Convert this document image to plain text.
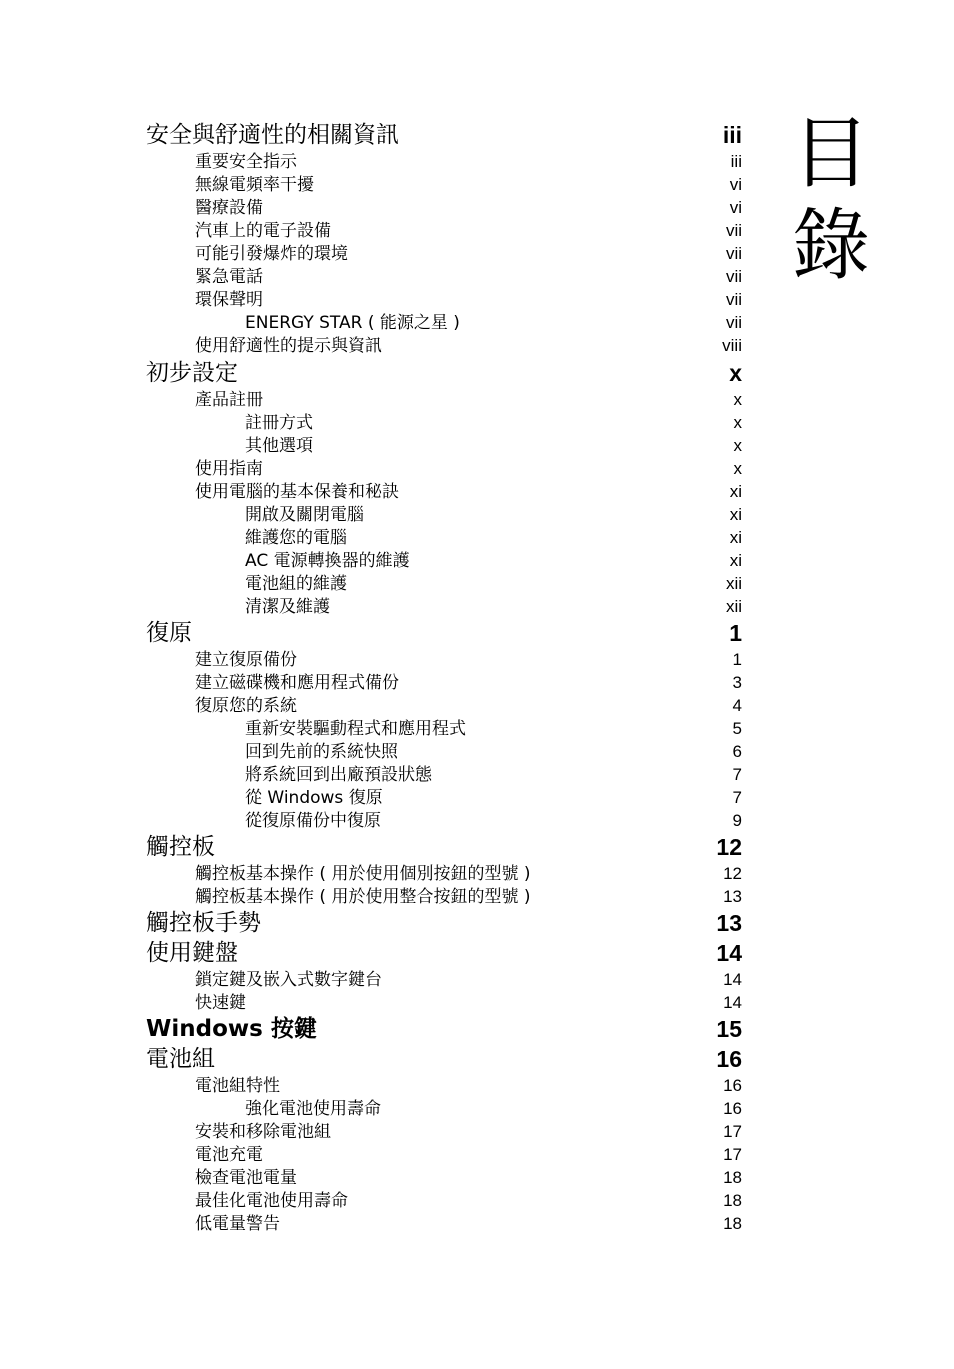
目
錄
安全與舒適性的相關資訊	iii
重要安全指示	iii
無線電頻率干擾	vi
醫療設備	vi
汽車上的電子設備	vii
可能引發爆炸的環境	vii
緊急電話	vii
環保聲明	vii
ENERGY STAR ( 能源之星 )	vii
使用舒適性的提示與資訊	viii
初步設定	x
產品註冊	x
註冊方式	x
其他選項	x
使用指南	x
使用電腦的基本保養和秘訣	xi
開啟及關閉電腦	xi
維護您的電腦	xi
AC 電源轉換器的維護	xi
電池組的維護	xii
清潔及維護	xii
復原	1
建立復原備份	1
建立磁碟機和應用程式備份	3
復原您的系統	4
重新安裝驅動程式和應用程式	5
回到先前的系統快照	6
將系統回到出廠預設狀態	7
從 Windows 復原	7
從復原備份中復原	9
觸控板	12
觸控板基本操作 ( 用於使用個別按鈕的型號 )	12
觸控板基本操作 ( 用於使用整合按鈕的型號 )	13
觸控板手勢	13
使用鍵盤	14
鎖定鍵及嵌入式數字鍵台	14
快速鍵	14
Windows 按鍵	15
電池組	16
電池組特性	16
強化電池使用壽命	16
安裝和移除電池組	17
電池充電	17
檢查電池電量	18
最佳化電池使用壽命	18
低電量警告	18
